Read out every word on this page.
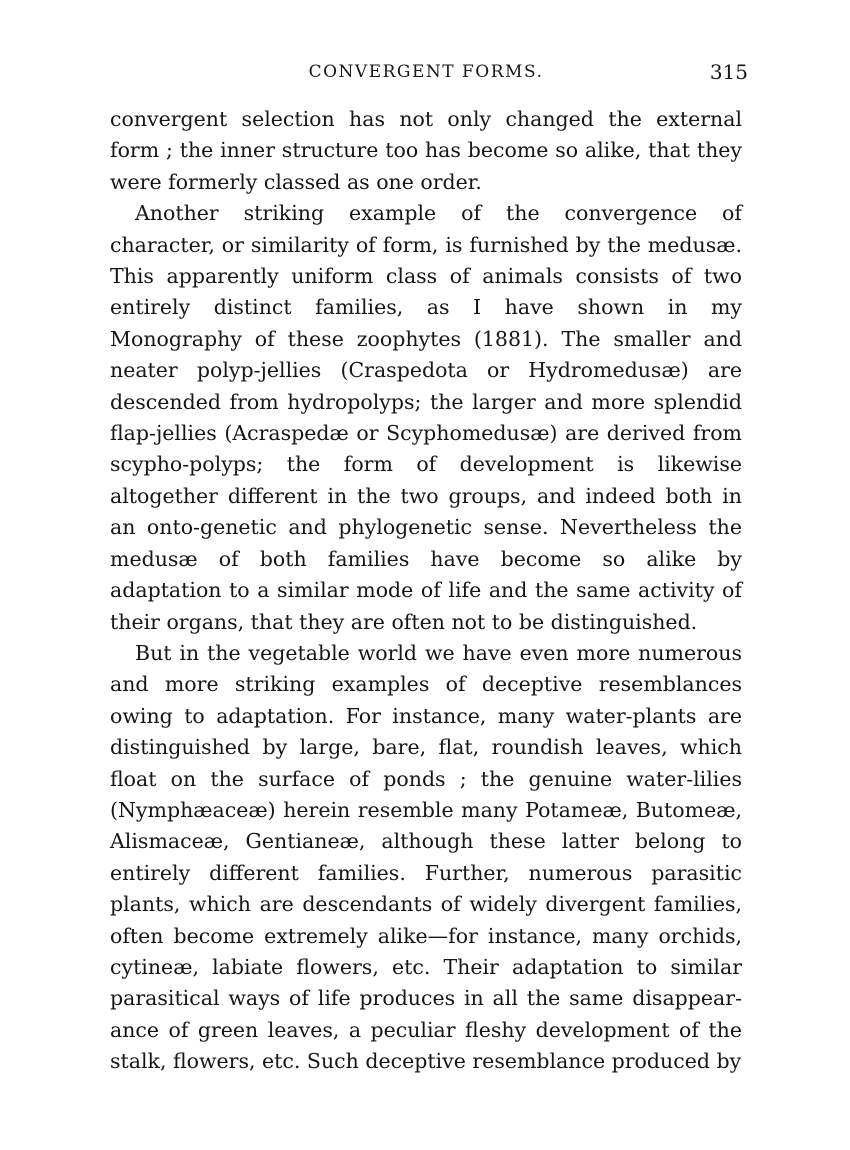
CONVERGENT FORMS.	315

convergent selection has not only changed the external form ; the inner structure too has become so alike, that they were formerly classed as one order.

Another striking example of the convergence of character, or similarity of form, is furnished by the medusæ. This apparently uniform class of animals consists of two entirely distinct families, as I have shown in my Monography of these zoophytes (1881). The smaller and neater polyp-jellies (Craspedota or Hydromedusæ) are descended from hydropolyps; the larger and more splendid flap-jellies (Acraspedæ or Scyphomedusæ) are derived from scypho-polyps; the form of development is likewise altogether different in the two groups, and indeed both in an onto-genetic and phylogenetic sense. Nevertheless the medusæ of both families have become so alike by adaptation to a similar mode of life and the same activity of their organs, that they are often not to be distinguished.

But in the vegetable world we have even more numerous and more striking examples of deceptive resemblances owing to adaptation. For instance, many water-plants are distinguished by large, bare, flat, roundish leaves, which float on the surface of ponds ; the genuine water-lilies (Nymphæaceæ) herein resemble many Potameæ, Butomeæ, Alismaceæ, Gentianeæ, although these latter belong to entirely different families. Further, numerous parasitic plants, which are descendants of widely divergent families, often become extremely alike—for instance, many orchids, cytineæ, labiate flowers, etc. Their adaptation to similar parasitical ways of life produces in all the same disappear-ance of green leaves, a peculiar fleshy development of the stalk, flowers, etc. Such deceptive resemblance produced by
